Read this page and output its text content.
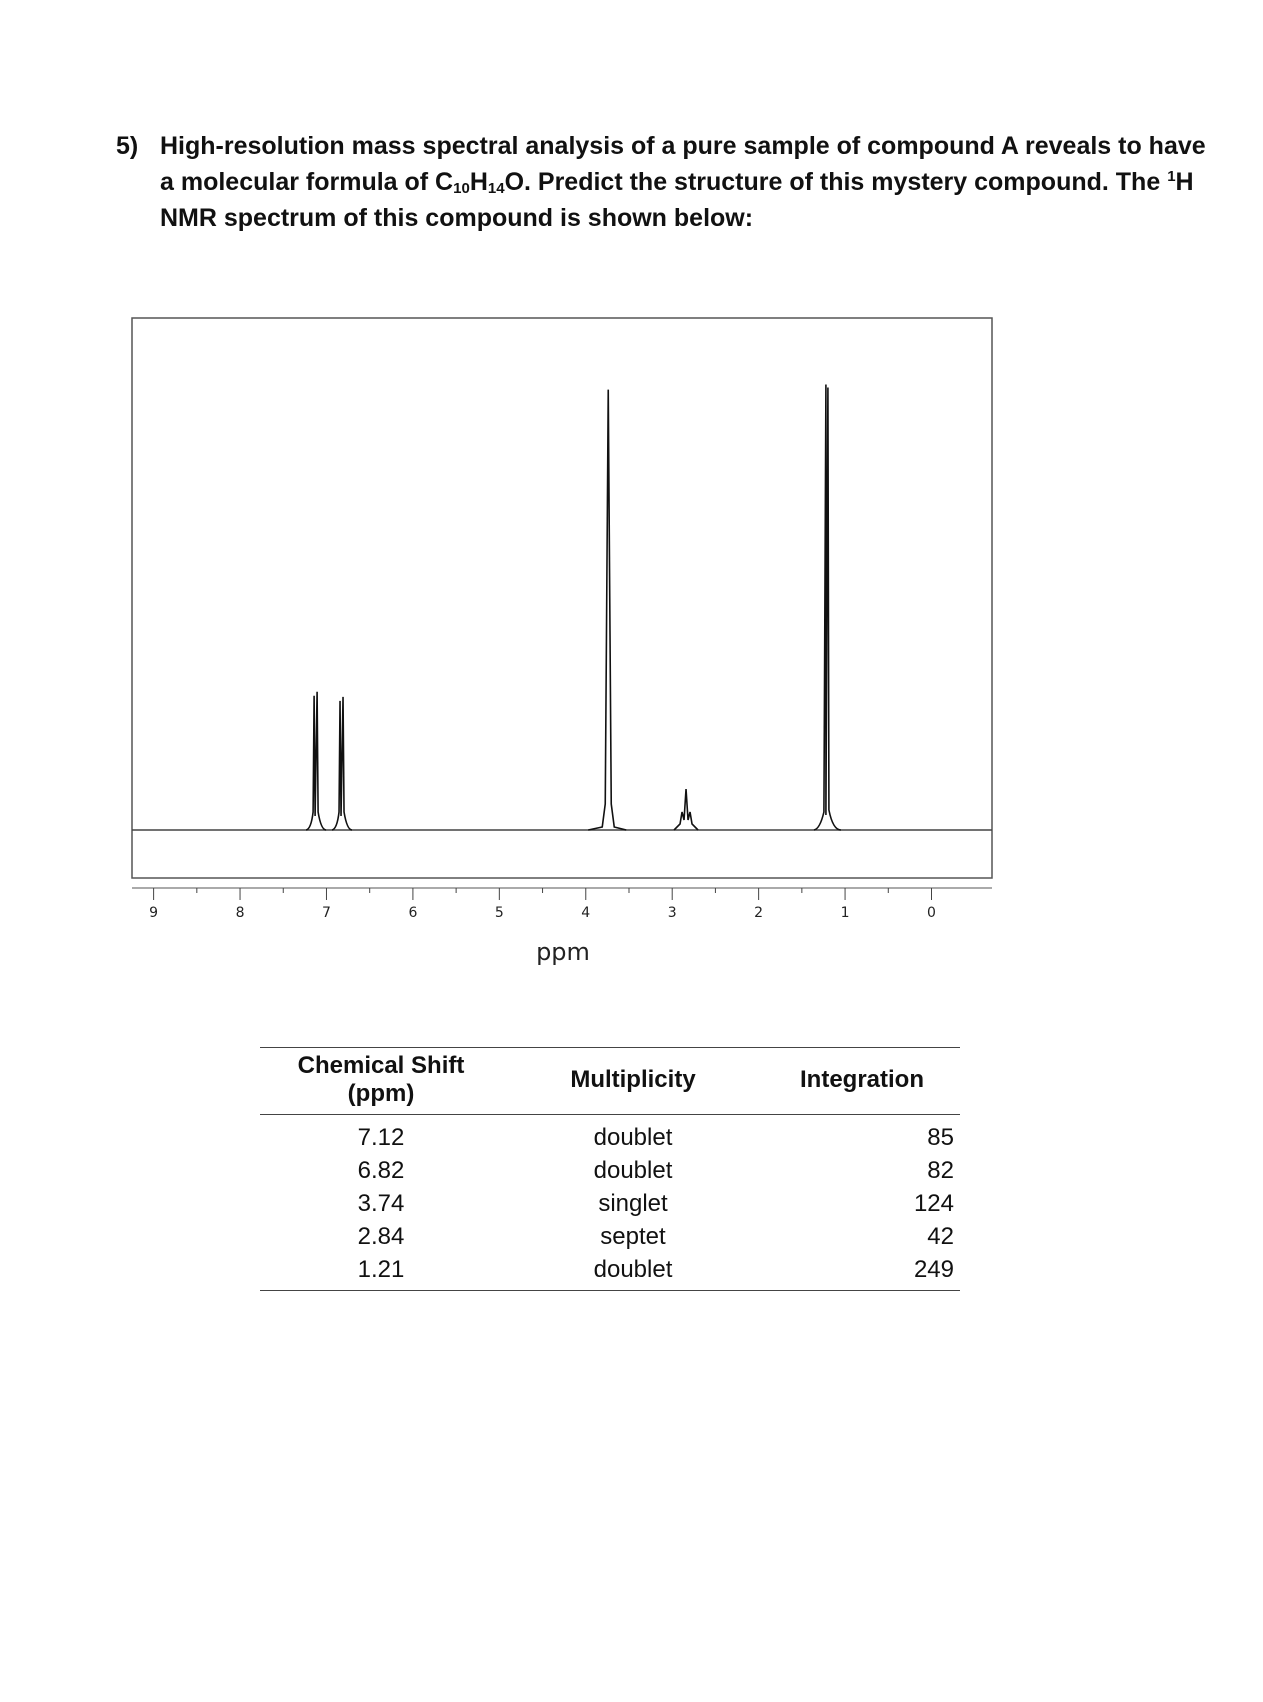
5) High-resolution mass spectral analysis of a pure sample of compound A reveals to have a molecular formula of $C_{10}H_{14}O$. Predict the structure of this mystery compound. The $^1$H NMR spectrum of this compound is shown below:
9	8	7	6	5	4	3	2	1	0
ppm
Chemical Shift (ppm)	Multiplicity	Integration
7.12	doublet	85
6.82	doublet	82
3.74	singlet	124
2.84	septet	42
1.21	doublet	249
